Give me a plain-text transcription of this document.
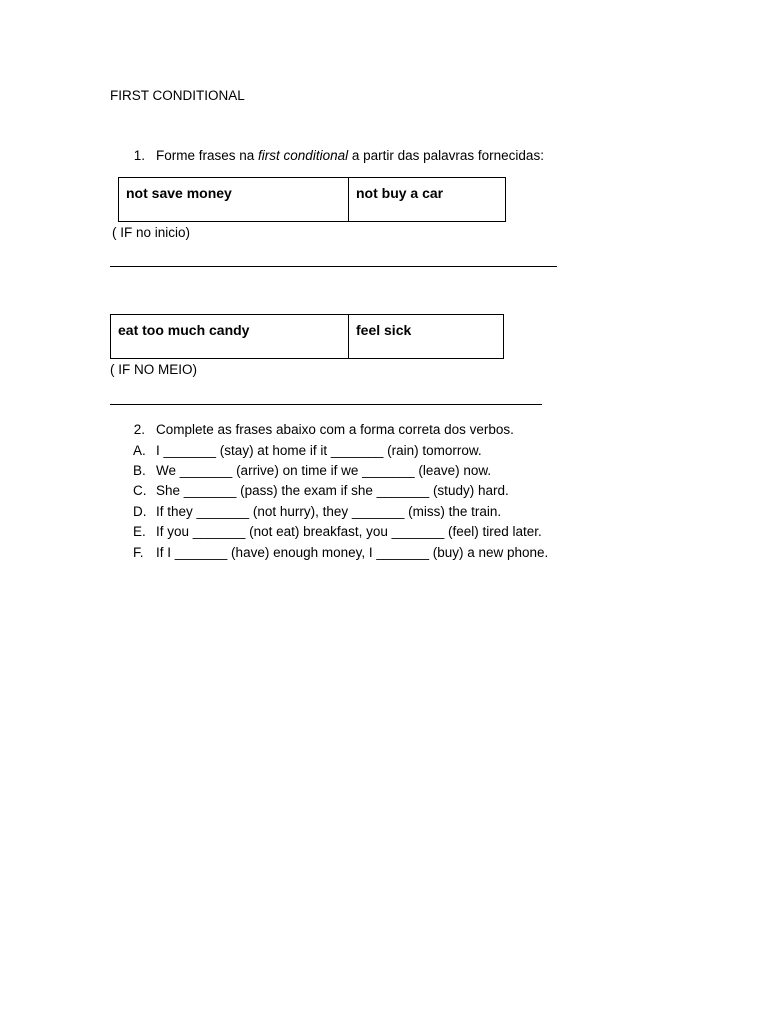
FIRST CONDITIONAL
1. Forme frases na first conditional a partir das palavras fornecidas:
not save money	not buy a car
( IF no inicio)
eat too much candy	feel sick
( IF NO MEIO)
2. Complete as frases abaixo com a forma correta dos verbos.
A. I _______ (stay) at home if it _______ (rain) tomorrow.
B. We _______ (arrive) on time if we _______ (leave) now.
C. She _______ (pass) the exam if she _______ (study) hard.
D. If they _______ (not hurry), they _______ (miss) the train.
E. If you _______ (not eat) breakfast, you _______ (feel) tired later.
F. If I _______ (have) enough money, I _______ (buy) a new phone.
